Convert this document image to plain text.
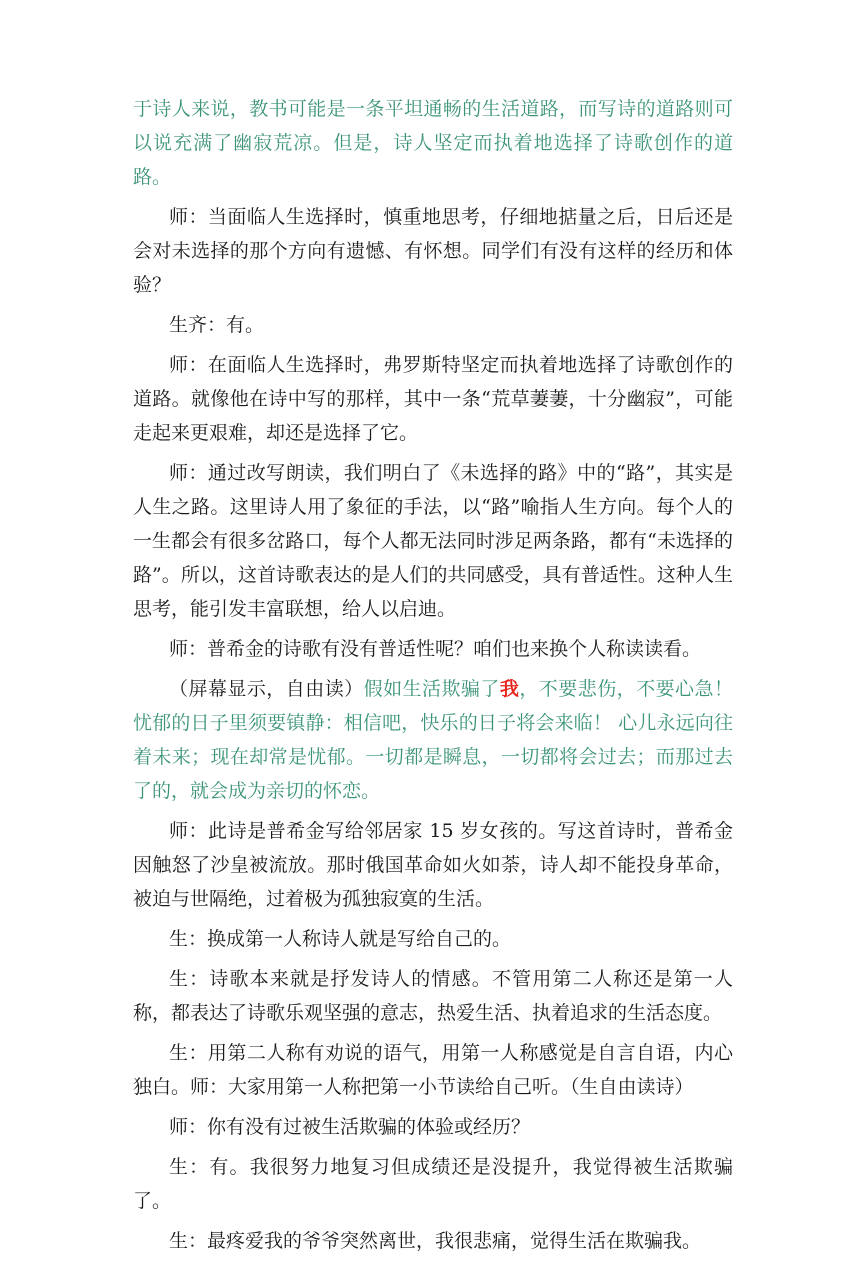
于诗人来说，教书可能是一条平坦通畅的生活道路，而写诗的道路则可以说充满了幽寂荒凉。但是，诗人坚定而执着地选择了诗歌创作的道路。

师：当面临人生选择时，慎重地思考，仔细地掂量之后，日后还是会对未选择的那个方向有遗憾、有怀想。同学们有没有这样的经历和体验？

生齐：有。

师：在面临人生选择时，弗罗斯特坚定而执着地选择了诗歌创作的道路。就像他在诗中写的那样，其中一条“荒草萋萋，十分幽寂”，可能走起来更艰难，却还是选择了它。

师：通过改写朗读，我们明白了《未选择的路》中的“路”，其实是人生之路。这里诗人用了象征的手法，以“路”喻指人生方向。每个人的一生都会有很多岔路口，每个人都无法同时涉足两条路，都有“未选择的路”。所以，这首诗歌表达的是人们的共同感受，具有普适性。这种人生思考，能引发丰富联想，给人以启迪。

师：普希金的诗歌有没有普适性呢？咱们也来换个人称读读看。

（屏幕显示，自由读）假如生活欺骗了我，不要悲伤，不要心急！忧郁的日子里须要镇静：相信吧，快乐的日子将会来临！ 心儿永远向往着未来；现在却常是忧郁。一切都是瞬息，一切都将会过去；而那过去了的，就会成为亲切的怀恋。

师：此诗是普希金写给邻居家 15 岁女孩的。写这首诗时，普希金因触怒了沙皇被流放。那时俄国革命如火如荼，诗人却不能投身革命，被迫与世隔绝，过着极为孤独寂寞的生活。

生：换成第一人称诗人就是写给自己的。

生：诗歌本来就是抒发诗人的情感。不管用第二人称还是第一人称，都表达了诗歌乐观坚强的意志，热爱生活、执着追求的生活态度。

生：用第二人称有劝说的语气，用第一人称感觉是自言自语，内心独白。师：大家用第一人称把第一小节读给自己听。（生自由读诗）

师：你有没有过被生活欺骗的体验或经历？

生：有。我很努力地复习但成绩还是没提升，我觉得被生活欺骗了。

生：最疼爱我的爷爷突然离世，我很悲痛，觉得生活在欺骗我。
